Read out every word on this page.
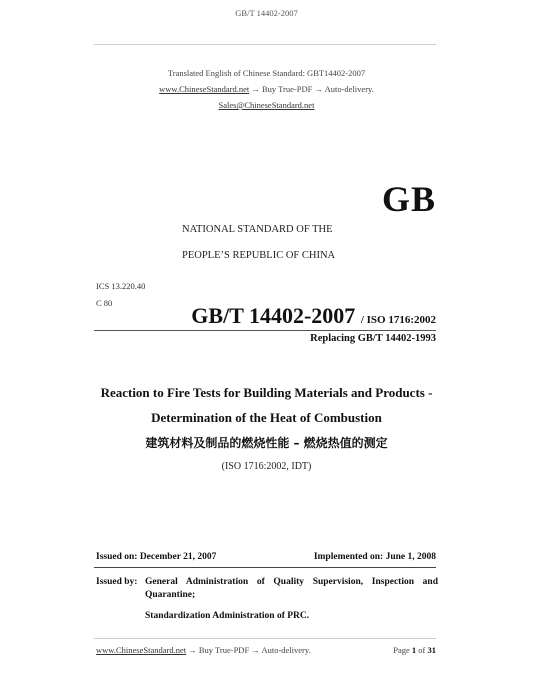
GB/T 14402-2007
Translated English of Chinese Standard: GBT14402-2007
www.ChineseStandard.net → Buy True-PDF → Auto-delivery.
Sales@ChineseStandard.net
GB
NATIONAL STANDARD OF THE
PEOPLE’S REPUBLIC OF CHINA
ICS 13.220.40
C 80	GB/T 14402-2007 / ISO 1716:2002
Replacing GB/T 14402-1993
Reaction to Fire Tests for Building Materials and Products -
Determination of the Heat of Combustion
建筑材料及制品的燃烧性能 – 燃烧热值的测定
(ISO 1716:2002, IDT)
Issued on: December 21, 2007	Implemented on: June 1, 2008
Issued by: General Administration of Quality Supervision, Inspection and Quarantine;
Standardization Administration of PRC.
www.ChineseStandard.net → Buy True-PDF → Auto-delivery.	Page 1 of 31
